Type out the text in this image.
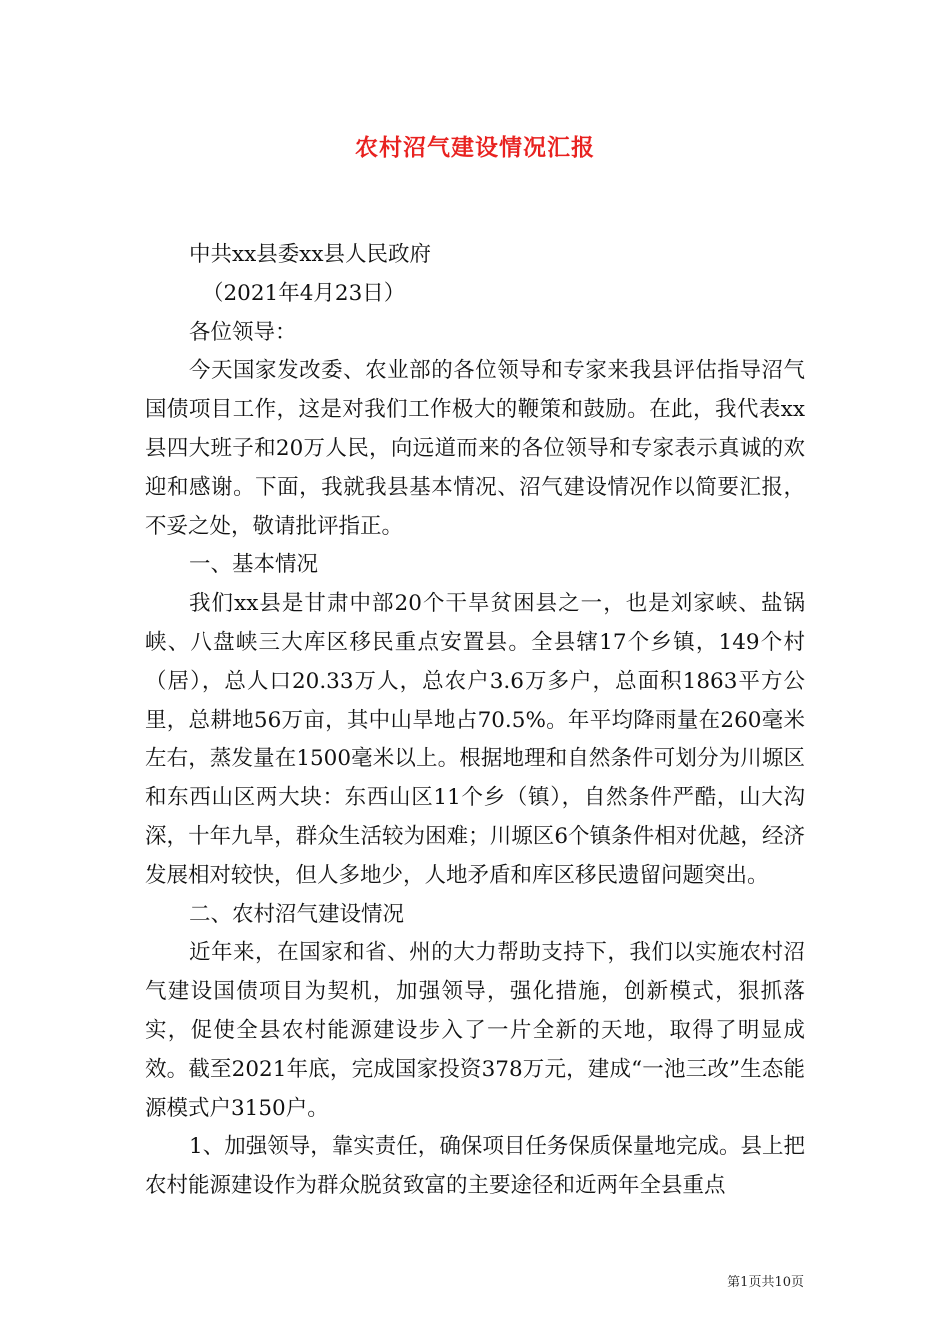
农村沼气建设情况汇报

中共xx县委xx县人民政府

（2021年4月23日）

各位领导：

今天国家发改委、农业部的各位领导和专家来我县评估指导沼气国债项目工作，这是对我们工作极大的鞭策和鼓励。在此，我代表xx县四大班子和20万人民，向远道而来的各位领导和专家表示真诚的欢迎和感谢。下面，我就我县基本情况、沼气建设情况作以简要汇报，不妥之处，敬请批评指正。

一、基本情况

我们xx县是甘肃中部20个干旱贫困县之一，也是刘家峡、盐锅峡、八盘峡三大库区移民重点安置县。全县辖17个乡镇，149个村（居），总人口20.33万人，总农户3.6万多户，总面积1863平方公里，总耕地56万亩，其中山旱地占70.5%。年平均降雨量在260毫米左右，蒸发量在1500毫米以上。根据地理和自然条件可划分为川塬区和东西山区两大块：东西山区11个乡（镇），自然条件严酷，山大沟深，十年九旱，群众生活较为困难；川塬区6个镇条件相对优越，经济发展相对较快，但人多地少，人地矛盾和库区移民遗留问题突出。

二、农村沼气建设情况

近年来，在国家和省、州的大力帮助支持下，我们以实施农村沼气建设国债项目为契机，加强领导，强化措施，创新模式，狠抓落实，促使全县农村能源建设步入了一片全新的天地，取得了明显成效。截至2021年底，完成国家投资378万元，建成“一池三改”生态能源模式户3150户。

1、加强领导，靠实责任，确保项目任务保质保量地完成。县上把农村能源建设作为群众脱贫致富的主要途径和近两年全县重点

第1页共10页
